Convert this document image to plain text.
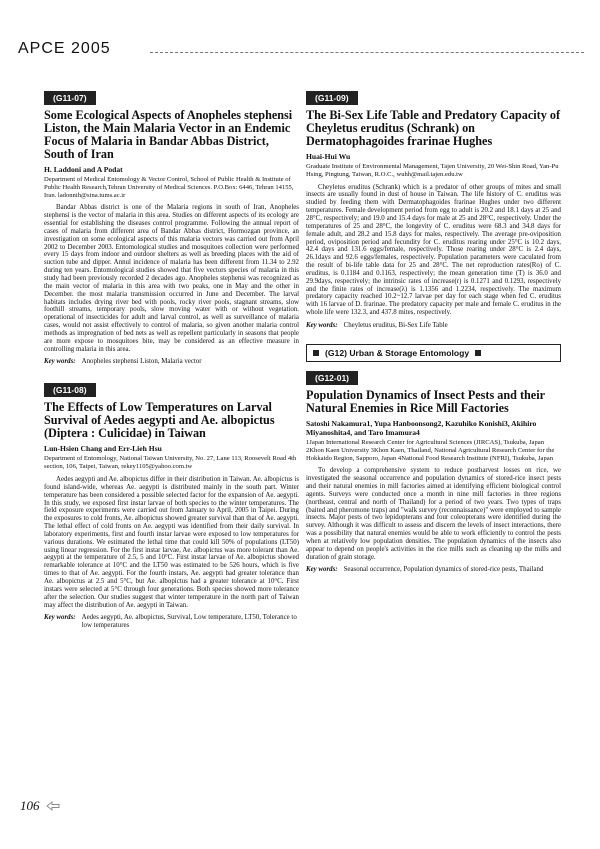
APCE 2005
(G11-07)
Some Ecological Aspects of Anopheles stephensi Liston, the Main Malaria Vector in an Endemic Focus of Malaria in Bandar Abbas District, South of Iran
H. Laddoni and A Podat
Department of Medical Entomology & Vector Control, School of Public Health & Institute of Public Health Research,Tehran University of Medical Sciences. P.O.Box: 6446, Tehran 14155, Iran. ladonnih@sina.tums.ac.ir

Bandar Abbas district is one of the Malaria regions in south of Iran, Anopheles stephensi is the vector of malaria in this area. Studies on different aspects of its ecology are essential for establishing the diseases control programme. Following the annual report of cases of malaria from different area of Bandar Abbas district, Hormozgan province, an investigation on some ecological aspects of this malaria vectors was carried out from April 2002 to December 2003. Entomological studies and mosquitoes collection were performed every 15 days from indoor and outdoor shelters as well as breeding places with the aid of suction tube and dipper. Annul incidence of malaria has been different from 11.34 to 2.92 during ten years. Entomological studies showed that five vectors species of malaria in this study had been previously recorded 2 decades ago. Anopheles stephensi was recognized as the main vector of malaria in this area with two peaks, one in May and the other in December. the most malaria transmission occurred in June and December. The larval habitats includes drying river bed with pools, rocky river pools, stagnant streams, slow foothill streams, temporary pools, slow moving water with or without vegetation. operational of insecticides for adult and larval control, as well as surveillance of malaria cases, would not assist effectively to control of malaria, so given another malaria control methods as impregnation of bed nets as well as repellent particularly in seasons that people are more expose to mosquitoes bite, may be considered as an effective measure in controlling malaria in this area.

Key words: Anopheles stephensi Liston, Malaria vector
(G11-08)
The Effects of Low Temperatures on Larval Survival of Aedes aegypti and Ae. albopictus (Diptera : Culicidae) in Taiwan
Lun-Hsien Chang and Err-Lieh Hsu
Department of Entomology, National Taiwan University, No. 27, Lane 113, Roosevelt Road 4th section, 106, Taipei, Taiwan, rekey1105@yahoo.com.tw

Aedes aegypti and Ae. albopictus differ in their distribution in Taiwan. Ae. albopictus is found island-wide, whereas Ae. aegypti is distributed mainly in the south part. Winter temperature has been considered a possible selected factor for the expansion of Ae. aegypti. In this study, we exposed first instar larvae of both species to the winter temperatures. The field exposure experiments were carried out from January to April, 2005 in Taipei. During the exposures to cold fronts, Ae. albopictus showed greater survival than that of Ae. aegypti. The lethal effect of cold fronts on Ae. aegypti was identified from their daily survival. In laboratory experiments, first and fourth instar larvae were exposed to low temperatures for various durations. We estimated the lethal time that could kill 50% of populations (LT50) using linear regression. For the first instar larvae, Ae. albopictus was more tolerant than Ae. aegypti at the temperature of 2.5, 5 and 10°C. First instar larvae of Ae. albopictus showed remarkable tolerance at 10°C and the LT50 was estimated to be 526 hours, which is five times to that of Ae. aegypti. For the fourth instars, Ae. aegypti had greater tolerance than Ae. albopictus at 2.5 and 5°C, but Ae. albopictus had a greater tolerance at 10°C. First instars were selected at 5°C through four generations. Both species showed more tolerance after the selection. Our studies suggest that winter temperature in the north part of Taiwan may affect the distribution of Ae. aegypti in Taiwan.

Key words: Aedes aegypti, Ae. albopictus, Survival, Low temperature, LT50, Tolerance to low temperatures
(G11-09)
The Bi-Sex Life Table and Predatory Capacity of Cheyletus eruditus (Schrank) on Dermatophagoides frarinae Hughes
Huai-Hui Wu
Graduate Institute of Environmental Management, Tajen University, 20 Wei-Shin Road, Yan-Pu Hsing, Pingtung, Taiwan, R.O.C., wuhh@mail.tajen.edu.tw

Cheyletus eruditus (Schrank) which is a predator of other groups of mites and small insects are usually found in dust of house in Taiwan. The life history of C. eruditus was studied by feeding them with Dermatophagoides frarinae Hughes under two different temperatures. Female development period from egg to adult is 20.2 and 18.1 days at 25 and 28°C, respectively; and 19.0 and 15.4 days for male at 25 and 28°C, respectively. Under the temperatures of 25 and 28°C, the longevity of C. eruditus were 68.3 and 34.8 days for female adult, and 28.2 and 15.8 days for males, respectively. The average pre-oviposition period, oviposition period and fecundity for C. eruditus rearing under 25°C is 10.2 days, 42.4 days and 131.6 eggs/female, respectively. Those rearing under 28°C is 2.4 days, 26.1days and 92.6 eggs/females, respectively. Population parameters were caculated from the result of bi-life table data for 25 and 28°C. The net reproduction rates(Ro) of C. eruditus, is 0.1184 and 0.1163, respectively; the mean generation time (T) is 36.0 and 29.9days, respectively; the intrinsic rates of increase(r) is 0.1271 and 0.1293, respectively and the finite rates of increase(λ) is 1.1356 and 1.2234, respectively. The maximum predatory capacity reached 10.2~12.7 larvae per day for each stage when fed C. eruditus with 16 larvae of D. frarinae. The predatory capacity per male and female C. eruditus in the whole life were 132.3, and 437.8 mites, respectively.

Key words: Cheyletus eruditus, Bi-Sex Life Table
(G12) Urban & Storage Entomology
(G12-01)
Population Dynamics of Insect Pests and their Natural Enemies in Rice Mill Factories
Satoshi Nakamura1, Yupa Hanboonsong2, Kazuhiko Konishi3, Akihiro Miyanoshita4, and Taro Imamura4
1Japan International Research Center for Agricultural Sciences (JIRCAS), Tsukuba, Japan 2Khon Kaen University 3Khon Kaen, Thailand, National Agricultural Research Center for the Hokkaido Region, Sapporo, Japan 4National Food Research Institute (NFRI), Tsukuba, Japan

To develop a comprehensive system to reduce postharvest losses on rice, we investigated the seasonal occurrence and population dynamics of stored-rice insect pests and their natural enemies in mill factories aimed at identifying efficient biological control agents. Surveys were conducted once a month in nine mill factories in three regions (northeast, central and north of Thailand) for a period of two years. Two types of traps (baited and pheromone traps) and "walk survey (reconnaissance)" were employed to sample insects. Major pests of two lepidopterans and four coleopterans were identified during the survey. Although it was difficult to assess and discern the levels of insect interactions, there was a possibility that natural enemies would be able to work efficiently to control the pests when at relatively low population densities. The population dynamics of the insects also appear to depend on people's activities in the rice mills such as cleaning up the mills and duration of grain storage.

Key words: Seasonal occurrence, Population dynamics of stored-rice pests, Thailand
106
